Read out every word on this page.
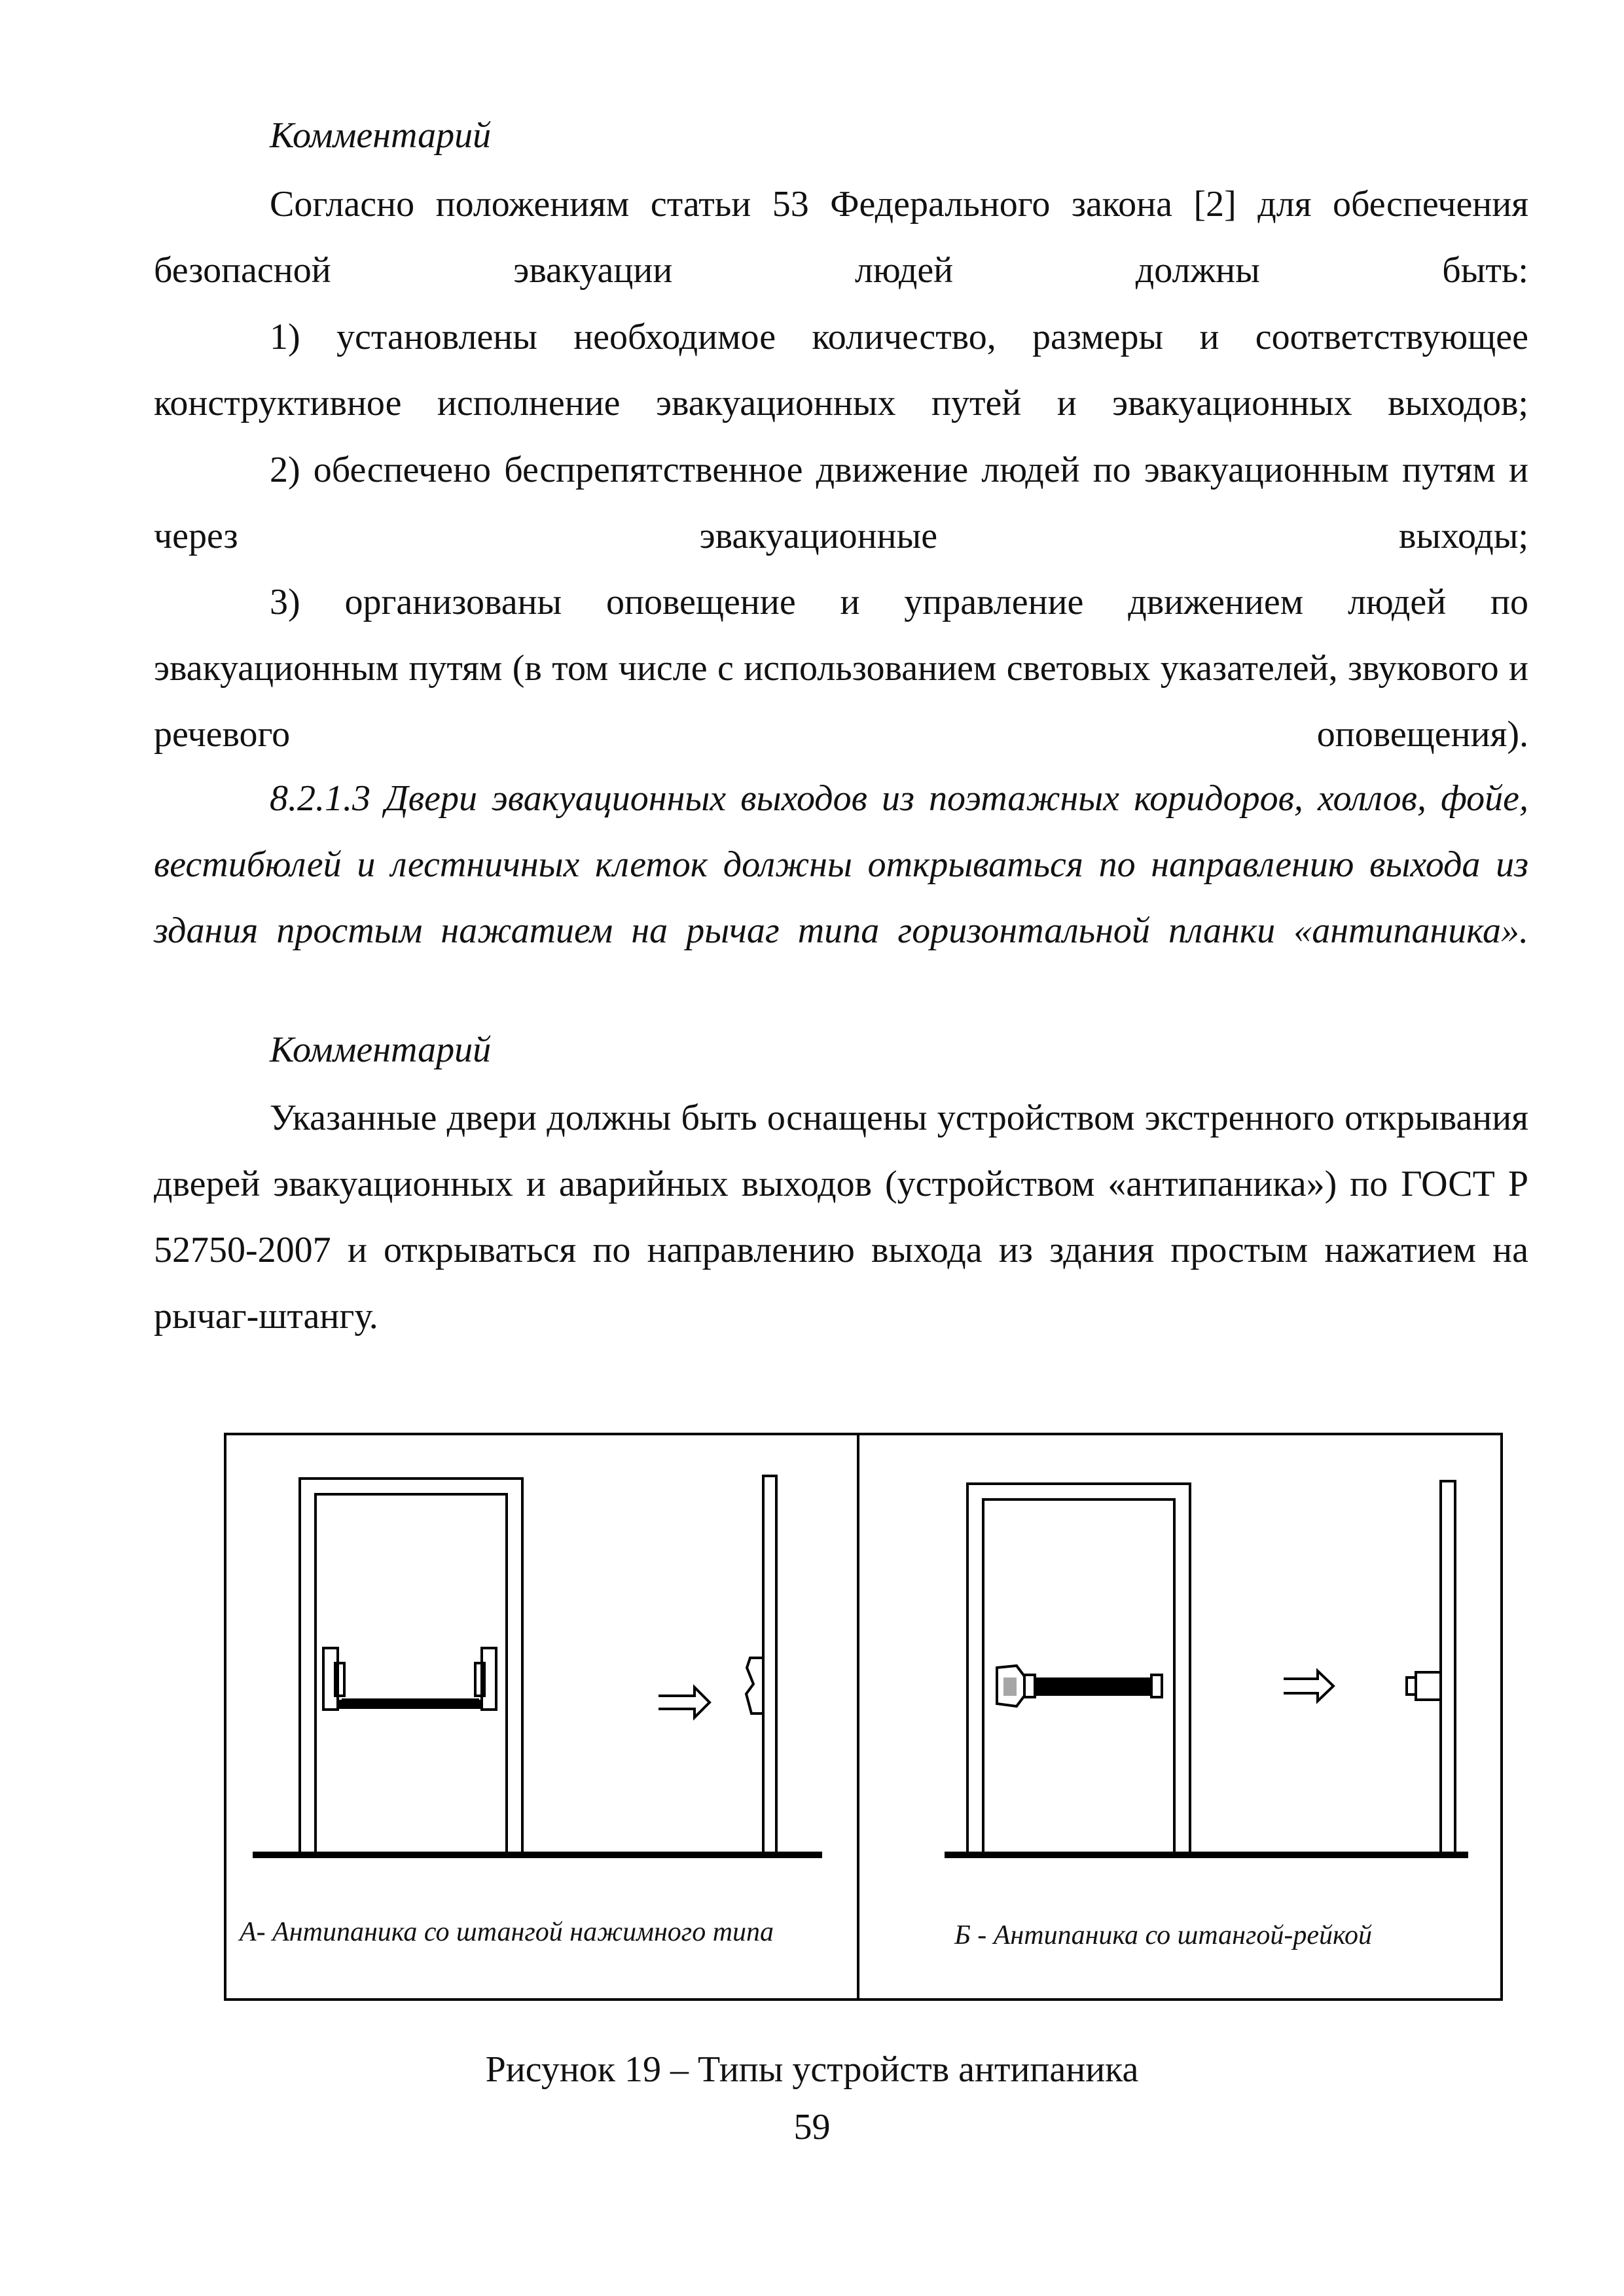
Комментарий

Согласно положениям статьи 53 Федерального закона [2] для обеспечения безопасной эвакуации людей должны быть:

1) установлены необходимое количество, размеры и соответствующее конструктивное исполнение эвакуационных путей и эвакуационных выходов;

2) обеспечено беспрепятственное движение людей по эвакуационным путям и через эвакуационные выходы;

3) организованы оповещение и управление движением людей по эвакуационным путям (в том числе с использованием световых указателей, звукового и речевого оповещения).

8.2.1.3 Двери эвакуационных выходов из поэтажных коридоров, холлов, фойе, вестибюлей и лестничных клеток должны открываться по направлению выхода из здания простым нажатием на рычаг типа горизонтальной планки «антипаника».

Комментарий

Указанные двери должны быть оснащены устройством экстренного открывания дверей эвакуационных и аварийных выходов (устройством «антипаника») по ГОСТ Р 52750-2007 и открываться по направлению выхода из здания простым нажатием на рычаг-штангу.

А- Антипаника со штангой нажимного типа	Б - Антипаника со штангой-рейкой
Рисунок 19 – Типы устройств антипаника
59
